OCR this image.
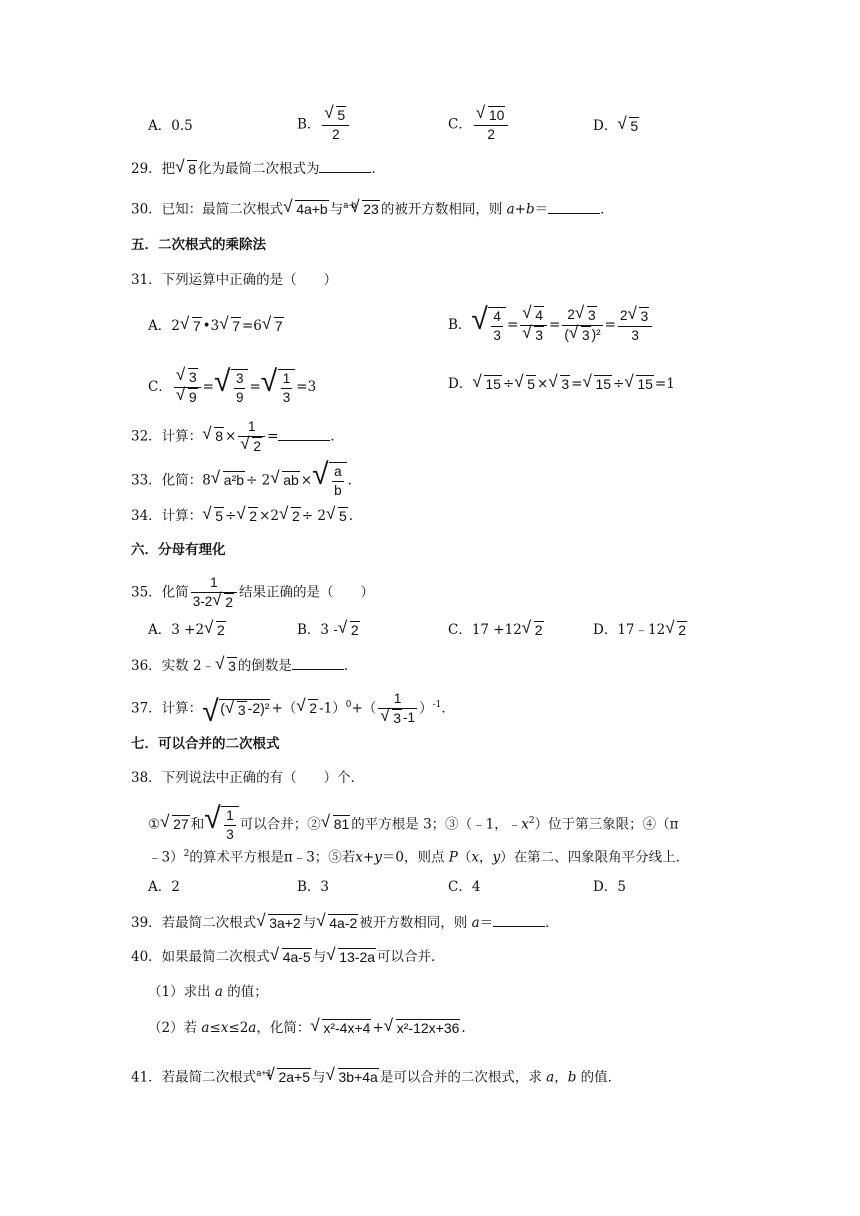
A．0.5	B． √ $\frac{5}{2}$	C． √ $\frac{10}{2}$	D． √ 5
29．把 √ 8 化为最简二次根式为	．
30．已知：最简二次根式 √ 4a+b 与$^{a-b}$ √ 23 的被开方数相同，则 a+b＝	．
五．二次根式的乘除法
31．下列运算中正确的是（　　）
A．2 √ 7 •3 √ 7 =6 √ 7	B． √ $\frac{4}{3}$ = √ 4
√ $3 = \frac{2 √ 3}{\text{( √ 3 )²}} = \frac{2 √ 3}{3}$
C． √ 3
√ 9 = √ $\frac{3}{9}$ = √ $\frac{1}{3} =3$	D． √ 15 ÷ √ 5 × √ 3 = √ 15 ÷ √ 15 =1
32．计算： √ 8 × 1
√ 2 =	．
33．化简：8 √ a²b ÷ 2 √ ab × √ $\frac{a}{b}$ .
34．计算： √ 5 ÷ √ 2 ×2 √ 2 ÷ 2 √ 5 .
六．分母有理化
35．化简 $\frac{1}{3-2 √ 2}$ 结果正确的是（　　）
A．3 +2 √ 2	B．3 - √ 2	C．17 +12 √ 2	D．17﹣12 √ 2
36．实数 2﹣ √ 3 的倒数是	．
37．计算： √ ( √ 3 -2)² +（ √ 2 -1）$^0$+（ 1
√ 3 -1 ）$^{-1}$．
七．可以合并的二次根式
38．下列说法中正确的有（　　）个．
① √ 27 和 √ $\frac{1}{3}$ 可以合并；② √ 81 的平方根是 3；③（﹣1，$﹣x^2$）位于第三象限；④（π
﹣3）$^2$的算术平方根是π﹣3；⑤若x+y＝0，则点 P（x，y）在第二、四象限角平分线上．
A．2	B．3	C．4	D．5
39．若最简二次根式 √ 3a+2 与 √ 4a-2 被开方数相同，则 a＝	．
40．如果最简二次根式 √ 4a-5 与 √ 13-2a 可以合并．
（1）求出 a 的值；
（2）若 a≤x≤2a，化简： √ x²-4x+4 + √ x²-12x+36 .
41．若最简二次根式$^{a+1}$ √ 2a+5 与 √ 3b+4a 是可以合并的二次根式，求 a，b 的值．
